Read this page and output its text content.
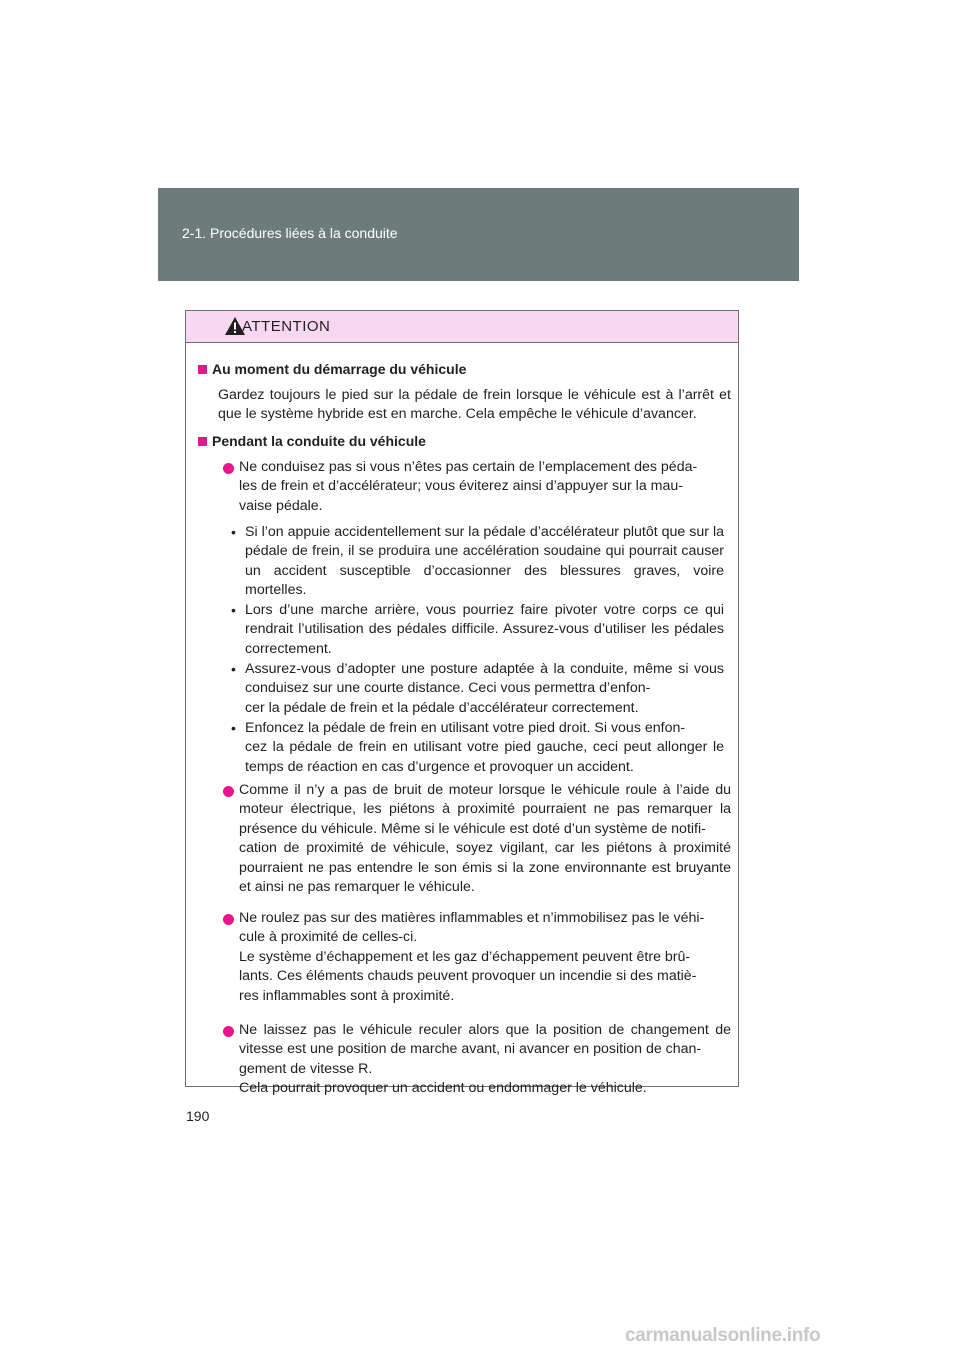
2-1. Procédures liées à la conduite
ATTENTION
Au moment du démarrage du véhicule
Gardez toujours le pied sur la pédale de frein lorsque le véhicule est à l’arrêt et que le système hybride est en marche. Cela empêche le véhicule d’avancer.
Pendant la conduite du véhicule
Ne conduisez pas si vous n’êtes pas certain de l’emplacement des péda-
les de frein et d’accélérateur; vous éviterez ainsi d’appuyer sur la mau-
vaise pédale.
• Si l’on appuie accidentellement sur la pédale d’accélérateur plutôt que sur la pédale de frein, il se produira une accélération soudaine qui pourrait causer un accident susceptible d’occasionner des blessures graves, voire mortelles.
• Lors d’une marche arrière, vous pourriez faire pivoter votre corps ce qui rendrait l’utilisation des pédales difficile. Assurez-vous d’utiliser les pédales correctement.
• Assurez-vous d’adopter une posture adaptée à la conduite, même si vous conduisez sur une courte distance. Ceci vous permettra d’enfon-
cer la pédale de frein et la pédale d’accélérateur correctement.
• Enfoncez la pédale de frein en utilisant votre pied droit. Si vous enfon-
cez la pédale de frein en utilisant votre pied gauche, ceci peut allonger le temps de réaction en cas d’urgence et provoquer un accident.
Comme il n’y a pas de bruit de moteur lorsque le véhicule roule à l’aide du moteur électrique, les piétons à proximité pourraient ne pas remarquer la présence du véhicule. Même si le véhicule est doté d’un système de notifi-
cation de proximité de véhicule, soyez vigilant, car les piétons à proximité pourraient ne pas entendre le son émis si la zone environnante est bruyante et ainsi ne pas remarquer le véhicule.
Ne roulez pas sur des matières inflammables et n’immobilisez pas le véhi-
cule à proximité de celles-ci.
Le système d’échappement et les gaz d’échappement peuvent être brû-
lants. Ces éléments chauds peuvent provoquer un incendie si des matiè-
res inflammables sont à proximité.
Ne laissez pas le véhicule reculer alors que la position de changement de vitesse est une position de marche avant, ni avancer en position de chan-
gement de vitesse R.
Cela pourrait provoquer un accident ou endommager le véhicule.
190
carmanualsonline.info
